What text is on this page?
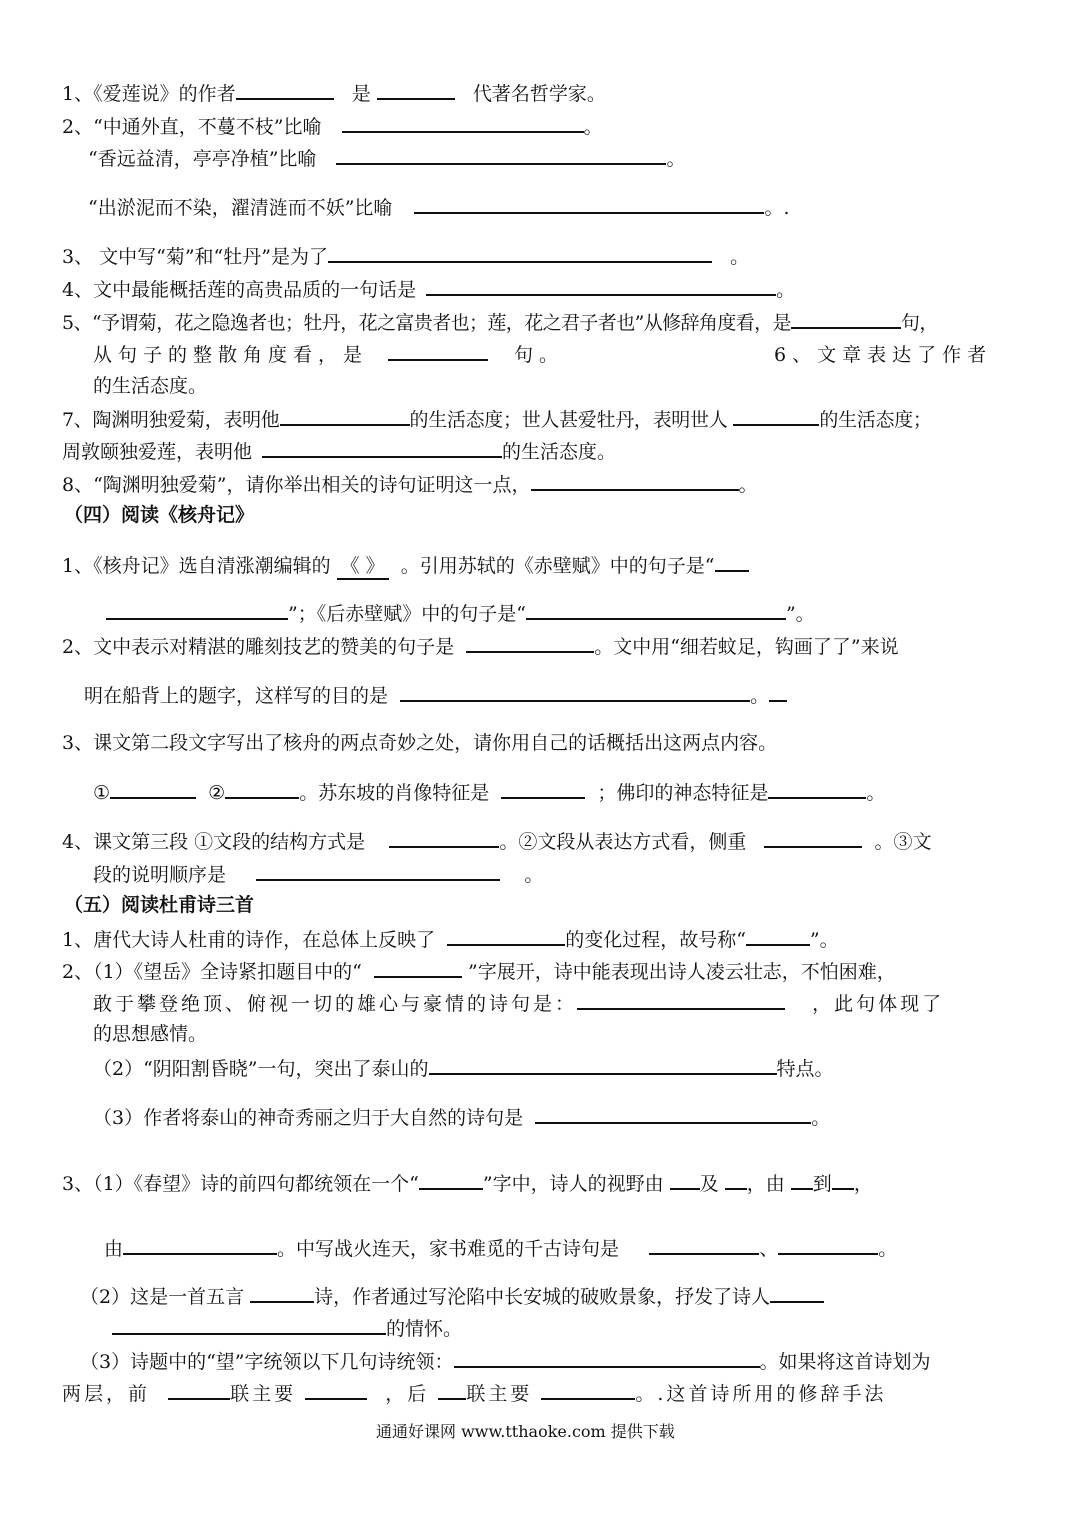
1、《爱莲说》的作者	是	代著名哲学家。
2、“中通外直，不蔓不枝”比喻	。
“香远益清，亭亭净植”比喻	。
“出淤泥而不染，濯清涟而不妖”比喻	。.
3、 文中写“菊”和“牡丹”是为了	。
4、文中最能概括莲的高贵品质的一句话是	。
5、“予谓菊，花之隐逸者也；牡丹，花之富贵者也；莲，花之君子者也”从修辞角度看，是	句，
从句子的整散角度看，是	句。	6、文章表达了作者
的生活态度。
7、陶渊明独爱菊，表明他	的生活态度；世人甚爱牡丹，表明世人	的生活态度；
周敦颐独爱莲，表明他	的生活态度。
8、“陶渊明独爱菊”，请你举出相关的诗句证明这一点，	。
（四）阅读《核舟记》
1、《核舟记》选自清涨潮编辑的 《 》 。引用苏轼的《赤壁赋》中的句子是“
”；《后赤壁赋》中的句子是“	”。
2、文中表示对精湛的雕刻技艺的赞美的句子是	。文中用“细若蚊足，钩画了了”来说
明在船背上的题字，这样写的目的是	。
3、课文第二段文字写出了核舟的两点奇妙之处，请你用自己的话概括出这两点内容。
①	②	。苏东坡的肖像特征是	；佛印的神态特征是	。
4、课文第三段 ①文段的结构方式是	。②文段从表达方式看，侧重	。③文
段的说明顺序是	。
（五）阅读杜甫诗三首
1、唐代大诗人杜甫的诗作，在总体上反映了	的变化过程，故号称“	”。
2、（1）《望岳》全诗紧扣题目中的“	”字展开，诗中能表现出诗人凌云壮志，不怕困难，
敢于攀登绝顶、俯视一切的雄心与豪情的诗句是：	，此句体现了
的思想感情。
（2）“阴阳割昏晓”一句，突出了泰山的	特点。
（3）作者将泰山的神奇秀丽之归于大自然的诗句是	。
3、（1）《春望》诗的前四句都统领在一个“	”字中，诗人的视野由 及 ，由 到 ，
由	。中写战火连天，家书难觅的千古诗句是	、	。
（2）这是一首五言	诗，作者通过写沦陷中长安城的破败景象，抒发了诗人
的情怀。
（3）诗题中的“望”字统领以下几句诗统领：	。如果将这首诗划为
两层，前	联主要	，后 联主要	。.这首诗所用的修辞手法
通通好课网 www.tthaoke.com 提供下载
